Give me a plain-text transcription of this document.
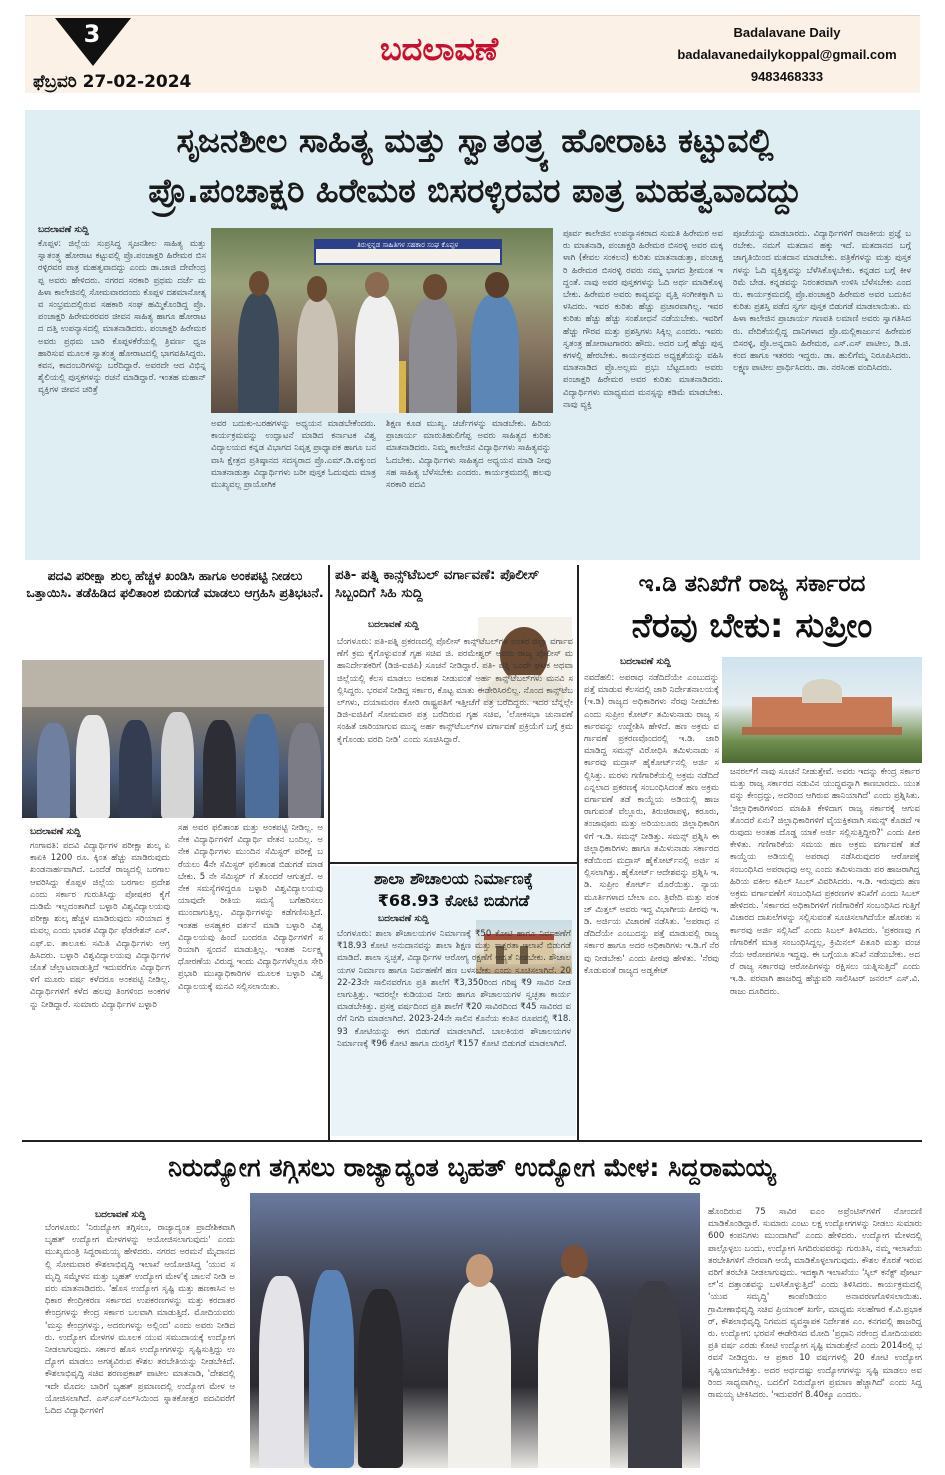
3
ಫೆಬ್ರವರಿ 27-02-2024
ಬದಲಾವಣೆ	Badalavane Daily
badalavanedailykoppal@gmail.com
9483468333
ಸೃಜನಶೀಲ ಸಾಹಿತ್ಯ ಮತ್ತು ಸ್ವಾತಂತ್ರ್ಯ ಹೋರಾಟ ಕಟ್ಟುವಲ್ಲಿ
ಪ್ರೊ.ಪಂಚಾಕ್ಷರಿ ಹಿರೇಮಠ ಬಿಸರಳ್ಳಿರವರ ಪಾತ್ರ ಮಹತ್ವವಾದದ್ದು
ಬದಲಾವಣೆ ಸುದ್ದಿ
ಕೊಪ್ಪಳ: ಜಿಲ್ಲೆಯ ಸುಪ್ರಸಿದ್ಧ ಸೃಜನಶೀಲ ಸಾಹಿತ್ಯ ಮತ್ತು ಸ್ವಾತಂತ್ರ್ಯ ಹೋರಾಟ ಕಟ್ಟುವಲ್ಲಿ ಪ್ರೊ.ಪಂಚಾಕ್ಷರಿ ಹಿರೇಮಠ ಬಿಸರಳ್ಳಿರವರ ಪಾತ್ರ ಮಹತ್ವವಾದದ್ದು ಎಂದು ಡಾ.ಜಾಜಿ ದೇವೇಂದ್ರಪ್ಪ ಅವರು ಹೇಳಿದರು. ನಗರದ ಸರಕಾರಿ ಪ್ರಥಮ ದರ್ಜೆ ಮಹಿಳಾ ಕಾಲೇಜಿನಲ್ಲಿ ಸೋಮವಾರದಂದು ಕೊಪ್ಪಳ ದಶಮಾನೋತ್ಸವ ಸಂಭ್ರಮದಲ್ಲಿರುವ ಸಹಕಾರಿ ಸಂಘ ಹಮ್ಮಿಕೊಂಡಿದ್ದ ಪ್ರೊ.ಪಂಚಾಕ್ಷರಿ ಹಿರೇಮಠರವರ ಜೀವನ ಸಾಹಿತ್ಯ ಹಾಗೂ ಹೋರಾಟದ ದತ್ತಿ ಉಪನ್ಯಾಸದಲ್ಲಿ ಮಾತನಾಡಿದರು. ಪಂಚಾಕ್ಷರಿ ಹಿರೇಮಠ ಅವರು ಪ್ರಥಮ ಬಾರಿ ಕೊಪ್ಪಳಕೆರೆಯಲ್ಲಿ ತ್ರಿವರ್ಣ ಧ್ವಜ ಹಾರಿಸುವ ಮೂಲಕ ಸ್ವಾತಂತ್ರ್ಯ ಹೋರಾಟದಲ್ಲಿ ಭಾಗವಹಿಸಿದ್ದರು. ಕವನ, ಕಾದಂಬರಿಗಳನ್ನು ಬರೆದಿದ್ದಾರೆ. ಅವರದೇ ಆದ ವಿಭಿನ್ನ ಶೈಲಿಯಲ್ಲಿ ಪುಸ್ತಕಗಳನ್ನು ರಚನೆ ಮಾಡಿದ್ದಾರೆ. ಇಂತಹ ಮಹಾನ್ ವ್ಯಕ್ತಿಗಳ ಜೀವನ ಚರಿತ್ರೆ
ತಿರುಳ್ಗನ್ನಡ ಸಾಹಿತಿಗಳ ಸಹಕಾರ ಸಂಘ ಕೊಪ್ಪಳ
ಅವರ ಬದುಕು-ಬರಹಗಳನ್ನು ಅಧ್ಯಯನ ಮಾಡಬೇಕೆಂದರು. ಕಾರ್ಯಕ್ರಮವನ್ನು ಉದ್ಘಾಟನೆ ಮಾಡಿದ ಕರ್ನಾಟಕ ವಿಶ್ವವಿದ್ಯಾಲಯದ ಕನ್ನಡ ವಿಭಾಗದ ನಿವೃತ್ತ ಪ್ರಾಧ್ಯಾಪಕ ಹಾಗೂ ಬನವಾಸಿ ಕ್ಷೇತ್ರದ ಪ್ರತಿಷ್ಠಾನದ ಸದಸ್ಯರಾದ ಪ್ರೊ.ಎಮ್.ಡಿ.ವಕ್ಕುಂದ ಮಾತನಾಡುತ್ತಾ ವಿದ್ಯಾರ್ಥಿಗಳು ಬರೀ ಪುಸ್ತಕ ಓದುವುದು ಮಾತ್ರ ಮುಖ್ಯವಲ್ಲ ಪ್ರಾಯೋಗಿಕ
ಶಿಕ್ಷಣ ಕೂಡ ಮುಖ್ಯ. ಚರ್ಚೆಗಳನ್ನು ಮಾಡಬೇಕು. ಹಿರಿಯ ಪ್ರಾಚಾರ್ಯ ಮಾರುತಿಹುಲಿಗೆಪ್ಪ ಅವರು ಸಾಹಿತ್ಯದ ಕುರಿತು ಮಾತನಾಡಿದರು. ನಿಮ್ಮ ಕಾಲೇಜಿನ ವಿದ್ಯಾರ್ಥಿಗಳು ಸಾಹಿತ್ಯವನ್ನು ಓದಬೇಕು. ವಿದ್ಯಾರ್ಥಿಗಳು ಸಾಹಿತ್ಯದ ಅಧ್ಯಯನ ಮಾಡಿ ನೀವು ಸಹ ಸಾಹಿತ್ಯ ಬೆಳೆಸಬೇಕು ಎಂದರು. ಕಾರ್ಯಕ್ರಮದಲ್ಲಿ ಹಲವು ಸರಕಾರಿ ಪದವಿ
ಪೂರ್ವ ಕಾಲೇಜಿನ ಉಪನ್ಯಾಸಕರಾದ ಸುಮತಿ ಹಿರೇಮಠ ಅವರು ಮಾತನಾಡಿ, ಪಂಚಾಕ್ಷರಿ ಹಿರೇಮಠ ಬಿಸರಳ್ಳಿ ಅವರ ಮಕ್ಕಳಾಗಿ (ಕೇವಲ ಸಂಕಲನ) ಕುರಿತು ಮಾತನಾಡುತ್ತಾ, ಪಂಚಾಕ್ಷರಿ ಹಿರೇಮಠ ಬಿಸರಳ್ಳಿ ರವರು ನಮ್ಮ ಭಾಗದ ಶ್ರೀಮಂತ ಇದ್ದಂತೆ. ನಾವು ಅವರ ಪುಸ್ತಕಗಳನ್ನು ಓದಿ ಅರ್ಥ ಮಾಡಿಕೊಳ್ಳಬೇಕು. ಹಿರೇಮಠ ಅವರು ಕಾವ್ಯವನ್ನು ವೃತ್ತಿ ಸಂಗೀತಕ್ಕಾಗಿ ಬಳಸಿದರು. ಇವರ ಕುರಿತು ಹೆಚ್ಚು ಪ್ರಚಾರವಾಗಿಲ್ಲ. ಇವರ ಕುರಿತು ಹೆಚ್ಚು ಹೆಚ್ಚು ಸಂಶೋಧನೆ ನಡೆಯಬೇಕು. ಇವರಿಗೆ ಹೆಚ್ಚು ಗೌರವ ಮತ್ತು ಪ್ರಶಸ್ತಿಗಳು ಸಿಕ್ಕಿಲ್ಲ ಎಂದರು. ಇವರು ಸ್ವತಂತ್ರ ಹೋರಾಟಗಾರರು ಹೌದು. ಅದರ ಬಗ್ಗೆ ಹೆಚ್ಚು ಪುಸ್ತಕಗಳಲ್ಲಿ ಹೇರಬೇಕು. ಕಾರ್ಯಕ್ರಮದ ಅಧ್ಯಕ್ಷತೆಯನ್ನು ವಹಿಸಿ ಮಾತನಾಡಿದ ಪ್ರೊ.ಅಲ್ಲಮ ಪ್ರಭು ಬೆಟ್ಟದೂರು ಅವರು ಪಂಚಾಕ್ಷರಿ ಹಿರೇಮಠ ಅವರ ಕುರಿತು ಮಾತನಾಡಿದರು. ವಿದ್ಯಾರ್ಥಿಗಳು ಮಾಧ್ಯಮದ ಮನಸ್ಸನ್ನು ಕಡಿಮೆ ಮಾಡಬೇಕು. ನಾವು ವ್ಯಕ್ತಿ
ಪೂಜೆಯನ್ನು ಮಾಡಬಾರದು. ವಿದ್ಯಾರ್ಥಿಗಳಿಗೆ ರಾಜಕೀಯ ಪ್ರಜ್ಞೆ ಬರಬೇಕು. ನಮಗೆ ಮತದಾನ ಹಕ್ಕು ಇದೆ. ಮತದಾನದ ಬಗ್ಗೆ ಜಾಗೃತಿಯಿಂದ ಮತದಾನ ಮಾಡಬೇಕು. ಪತ್ರಿಕೆಗಳನ್ನು ಮತ್ತು ಪುಸ್ತಕಗಳನ್ನು ಓದಿ ವ್ಯಕ್ತಿತ್ವವನ್ನು ಬೆಳೆಸಿಕೊಳ್ಳಬೇಕು. ಕನ್ನಡದ ಬಗ್ಗೆ ಕೀಳರಿಮೆ ಬೇಡ. ಕನ್ನಡವನ್ನು ನಿರಂತರವಾಗಿ ಉಳಿಸಿ ಬೆಳೆಸಬೇಕು ಎಂದರು. ಕಾರ್ಯಕ್ರಮದಲ್ಲಿ ಪ್ರೊ.ಪಂಚಾಕ್ಷರಿ ಹಿರೇಮಠ ಅವರ ಬದುಕಿನ ಕುರಿತು ಪ್ರಶಸ್ತಿ ಪಡೆದ ಸ್ವರ್ಗ ಪುಸ್ತಕ ಬಿಡುಗಡೆ ಮಾಡಲಾಯಿತು. ಮಹಿಳಾ ಕಾಲೇಜಿನ ಪ್ರಾಚಾರ್ಯ ಗಣಪತಿ ಲಮಾಣಿ ಅವರು ಸ್ವಾಗತಿಸಿದರು. ವೇದಿಕೆಯಲ್ಲಿದ್ದ ದಾನಿಗಳಾದ ಪ್ರೊ.ಮಲ್ಲಿಕಾರ್ಜುನ ಹಿರೇಮಠ ಬಿಸರಳ್ಳಿ, ಪ್ರೊ.ಅನ್ನದಾನಿ ಹಿರೇಮಠ, ಎಸ್.ಎಸ್ ಪಾಟೀಲ, ಡಿ.ಜಿ. ಕಂದ ಹಾಗೂ ಇತರರು ಇದ್ದರು. ಡಾ. ಹುಲಿಗೆಮ್ಮ ನಿರೂಪಿಸಿದರು. ಲಕ್ಷ್ಮಣ ಪಾಟೀಲ ಪ್ರಾರ್ಥಿಸಿದರು. ಡಾ. ನರಸಿಂಹ ವಂದಿಸಿದರು.
ಪದವಿ ಪರೀಕ್ಷಾ ಶುಲ್ಕ ಹೆಚ್ಚಳ ಖಂಡಿಸಿ ಹಾಗೂ ಅಂಕಪಟ್ಟಿ ನೀಡಲು ಒತ್ತಾಯಿಸಿ. ತಡೆಹಿಡಿದ ಫಲಿತಾಂಶ ಬಿಡುಗಡೆ ಮಾಡಲು ಆಗ್ರಹಿಸಿ ಪ್ರತಿಭಟನೆ.
ಬದಲಾವಣೆ ಸುದ್ದಿ
ಗಂಗಾವತಿ: ಪದವಿ ವಿದ್ಯಾರ್ಥಿಗಳ ಪರೀಕ್ಷಾ ಶುಲ್ಕ ಏಕಾಏಕಿ 1200 ರೂ. ಕ್ಕಿಂತ ಹೆಚ್ಚು ಮಾಡಿರುವುದು ಖಂಡನಾರ್ಹವಾಗಿದೆ. ಒಂದೆಡೆ ರಾಜ್ಯದಲ್ಲಿ ಬರಗಾಲ ಆವರಿಸಿದ್ದು ಕೊಪ್ಪಳ ಜಿಲ್ಲೆಯ ಬರಗಾಲ ಪ್ರದೇಶ ಎಂದು ಸರ್ಕಾರ ಗುರುತಿಸಿದ್ದು ಪೋಷಕರ ಕೈಗೆ ದುಡಿಮೆ ಇಲ್ಲದಂತಾಗಿದೆ ಬಳ್ಳಾರಿ ವಿಶ್ವವಿದ್ಯಾಲಯವು ಪರೀಕ್ಷಾ ಶುಲ್ಕ ಹೆಚ್ಚಳ ಮಾಡಿರುವುದು ಸರಿಯಾದ ಕ್ರಮವಲ್ಲ ಎಂದು ಭಾರತ ವಿದ್ಯಾರ್ಥಿ ಫೆಡರೇಶನ್ ಎಸ್.ಎಫ್.ಐ. ತಾಲೂಕು ಸಮಿತಿ ವಿದ್ಯಾರ್ಥಿಗಳು ಆಗ್ರಹಿಸಿದರು. ಬಳ್ಳಾರಿ ವಿಶ್ವವಿದ್ಯಾಲಯವು ವಿದ್ಯಾರ್ಥಿಗಳ ಜೊತೆ ಚೆಲ್ಲಾಟವಾಡುತ್ತಿದೆ ಇದುವರೆಗೂ ವಿದ್ಯಾರ್ಥಿಗಳಿಗೆ ಮೂರು ವರ್ಷ ಕಳೆದರೂ ಅಂಕಪಟ್ಟಿ ನೀಡಿಲ್ಲ. ವಿದ್ಯಾರ್ಥಿಗಳಿಗೆ ಕಳೆದ ಹಲವು ತಿಂಗಳಿಂದ ಅಂಕಗಳನ್ನು ನೀಡಿದ್ದಾರೆ. ಸುಮಾರು ವಿದ್ಯಾರ್ಥಿಗಳ ಬಳ್ಳಾರಿ
ಸಹ ಅವರ ಫಲಿತಾಂಶ ಮತ್ತು ಅಂಕಪಟ್ಟಿ ನೀಡಿಲ್ಲ. ಅನೇಕ ವಿದ್ಯಾರ್ಥಿಗಳಿಗೆ ವಿದ್ಯಾರ್ಥಿ ವೇತನ ಬಂದಿಲ್ಲ. ಅನೇಕ ವಿದ್ಯಾರ್ಥಿಗಳು ಮುಂದಿನ ಸೆಮಿಸ್ಟರ್ ಪರೀಕ್ಷೆ ಬರೆಯಲು 4ನೇ ಸೆಮಿಸ್ಟರ್ ಫಲಿತಾಂಶ ಬಿಡುಗಡೆ ಮಾಡಬೇಕು. 5 ನೇ ಸೆಮಿಸ್ಟರ್ ಗೆ ತೊಂದರೆ ಆಗುತ್ತದೆ. ಅನೇಕ ಸಮಸ್ಯೆಗಳಿದ್ದರೂ ಬಳ್ಳಾರಿ ವಿಶ್ವವಿದ್ಯಾಲಯವು ಯಾವುದೇ ರೀತಿಯ ಸಮಸ್ಯೆ ಬಗೆಹರಿಸಲು ಮುಂದಾಗುತ್ತಿಲ್ಲ. ವಿದ್ಯಾರ್ಥಿಗಳನ್ನು ಕಡೆಗಣಿಸುತ್ತಿದೆ. ಇಂತಹ ಅಸಹ್ಯಕರ ವರ್ತನೆ ಮಾಡಿ ಬಳ್ಳಾರಿ ವಿಶ್ವವಿದ್ಯಾಲಯವು ಹಿಂದೆ ಬಂದರೂ ವಿದ್ಯಾರ್ಥಿಗಳಿಗೆ ಸರಿಯಾಗಿ ಸ್ಪಂದನೆ ಮಾಡುತ್ತಿಲ್ಲ. ಇಂತಹ ನಿರ್ಲಕ್ಷ್ಯ ಧೋರಣೆಯ ವಿರುದ್ಧ ಇಂದು ವಿದ್ಯಾರ್ಥಿಗಳೆಲ್ಲರೂ ಸೇರಿ ಪ್ರಭಾರಿ ಮುಖ್ಯಾಧಿಕಾರಿಗಳ ಮೂಲಕ ಬಳ್ಳಾರಿ ವಿಶ್ವವಿದ್ಯಾಲಯಕ್ಕೆ ಮನವಿ ಸಲ್ಲಿಸಲಾಯಿತು.
ಪತಿ- ಪತ್ನಿ ಕಾನ್ಸ್‌ಟೆಬಲ್ ವರ್ಗಾವಣೆ: ಪೊಲೀಸ್ ಸಿಬ್ಬಂದಿಗೆ ಸಿಹಿ ಸುದ್ದಿ
ಬದಲಾವಣೆ ಸುದ್ದಿ
ಬೆಂಗಳೂರು: ಪತಿ-ಪತ್ನಿ ಪ್ರಕರಣದಲ್ಲಿ ಪೊಲೀಸ್ ಕಾನ್ಸ್‌ಟೆಬಲ್‌ಗಳ ಅಂತರ ಜಿಲ್ಲಾ ವರ್ಗಾವಣೆಗೆ ಕ್ರಮ ಕೈಗೊಳ್ಳುವಂತೆ ಗೃಹ ಸಚಿವ ಜಿ. ಪರಮೇಶ್ವರ್ ಅವರು ರಾಜ್ಯ ಪೊಲೀಸ್ ಮಹಾನಿರ್ದೇಶಕರಿಗೆ (ಡಿಜಿ-ಐಜಿಪಿ) ಸೂಚನೆ ನೀಡಿದ್ದಾರೆ. ಪತಿ- ಪತ್ನಿ ಒಂದೇ ಘಟಕ ಅಥವಾ ಜಿಲ್ಲೆಯಲ್ಲಿ ಕೆಲಸ ಮಾಡಲು ಅವಕಾಶ ನೀಡುವಂತೆ ಅರ್ಹ ಕಾನ್ಸ್‌ಟೆಬಲ್‌ಗಳು ಮನವಿ ಸಲ್ಲಿಸಿದ್ದರು. ಭರವಸೆ ನೀಡಿದ್ದ ಸರ್ಕಾರ, ಕೊಟ್ಟ ಮಾತು ಈಡೇರಿಸಿರಲಿಲ್ಲ. ನೊಂದ ಕಾನ್ಸ್‌ಟೆಬಲ್‌ಗಳು, ದಯಾಮರಣ ಕೋರಿ ರಾಷ್ಟ್ರಪತಿಗೆ ಇತ್ತೀಚೆಗೆ ಪತ್ರ ಬರೆದಿದ್ದರು. ಇದರ ಬೆನ್ನಲ್ಲೇ ಡಿಜಿ-ಐಜಿಪಿಗೆ ಸೋಮವಾರ ಪತ್ರ ಬರೆದಿರುವ ಗೃಹ ಸಚಿವ, 'ಲೋಕಸಭಾ ಚುನಾವಣೆ ಸಂಹಿತೆ ಜಾರಿಯಾಗುವ ಮುನ್ನ ಅರ್ಹ ಕಾನ್ಸ್‌ಟೆಬಲ್‌ಗಳ ವರ್ಗಾವಣೆ ಪ್ರಕ್ರಿಯೆಗೆ ಬಗ್ಗೆ ಕ್ರಮ ಕೈಗೊಂಡು ವರದಿ ನೀಡಿ' ಎಂದು ಸೂಚಿಸಿದ್ದಾರೆ.
ಶಾಲಾ ಶೌಚಾಲಯ ನಿರ್ಮಾಣಕ್ಕೆ
₹68.93 ಕೋಟಿ ಬಿಡುಗಡೆ
ಬದಲಾವಣೆ ಸುದ್ದಿ
ಬೆಂಗಳೂರು: ಶಾಲಾ ಶೌಚಾಲಯಗಳ ನಿರ್ಮಾಣಕ್ಕೆ ₹50 ಕೋಟಿ ಹಾಗೂ ನಿರ್ವಹಣೆಗೆ ₹18.93 ಕೋಟಿ ಅನುದಾನವನ್ನು ಶಾಲಾ ಶಿಕ್ಷಣ ಮತ್ತು ಸಾಕ್ಷರತಾ ಇಲಾಖೆ ಬಿಡುಗಡೆ ಮಾಡಿದೆ. ಶಾಲಾ ಸ್ವಚ್ಛತೆ, ವಿದ್ಯಾರ್ಥಿಗಳ ಆರೋಗ್ಯ ರಕ್ಷಣೆಗೆ ಆದ್ಯತೆ ನೀಡಬೇಕು. ಶೌಚಾಲಯಗಳ ನಿರ್ಮಾಣ ಹಾಗೂ ನಿರ್ವಹಣೆಗೆ ಹಣ ಬಳಸಬೇಕು ಎಂದು ಸೂಚಿಸಲಾಗಿದೆ. 2022-23ನೇ ಸಾಲಿನವರೆಗೂ ಪ್ರತಿ ಶಾಲೆಗೆ ₹3,350ರಿಂದ ಗರಿಷ್ಠ ₹9 ಸಾವಿರ ನೀಡಲಾಗುತ್ತಿತ್ತು. ಇದರಲ್ಲೇ ಕುಡಿಯುವ ನೀರು ಹಾಗೂ ಶೌಚಾಲಯಗಳ ಸ್ವಚ್ಛತಾ ಕಾರ್ಯ ಮಾಡಬೇಕಿತ್ತು. ಪ್ರಸಕ್ತ ವರ್ಷದಿಂದ ಪ್ರತಿ ಶಾಲೆಗೆ ₹20 ಸಾವಿರದಿಂದ ₹45 ಸಾವಿರದ ವರೆಗೆ ನಿಗದಿ ಮಾಡಲಾಗಿದೆ. 2023-24ನೇ ಸಾಲಿನ ಕೊನೆಯ ಕಂತಿನ ರೂಪದಲ್ಲಿ ₹18.93 ಕೋಟಿಯನ್ನು ಈಗ ಬಿಡುಗಡೆ ಮಾಡಲಾಗಿದೆ. ಬಾಲಕಿಯರ ಶೌಚಾಲಯಗಳ ನಿರ್ಮಾಣಕ್ಕೆ ₹96 ಕೋಟಿ ಹಾಗೂ ದುರಸ್ತಿಗೆ ₹157 ಕೋಟಿ ಬಿಡುಗಡೆ ಮಾಡಲಾಗಿದೆ.
ಇ.ಡಿ ತನಿಖೆಗೆ ರಾಜ್ಯ ಸರ್ಕಾರದ
ನೆರವು ಬೇಕು: ಸುಪ್ರೀಂ
ಬದಲಾವಣೆ ಸುದ್ದಿ
ನವದೆಹಲಿ: ಅಪರಾಧ ನಡೆದಿದೆಯೇ ಎಂಬುದನ್ನು ಪತ್ತೆ ಮಾಡುವ ಕೆಲಸದಲ್ಲಿ ಜಾರಿ ನಿರ್ದೇಶನಾಲಯಕ್ಕೆ (ಇ.ಡಿ) ರಾಜ್ಯದ ಅಧಿಕಾರಿಗಳು ನೆರವು ನೀಡಬೇಕು ಎಂದು ಸುಪ್ರೀಂ ಕೋರ್ಟ್ ತಮಿಳುನಾಡು ರಾಜ್ಯ ಸರ್ಕಾರವನ್ನು ಉದ್ದೇಶಿಸಿ ಹೇಳಿದೆ. ಹಣ ಅಕ್ರಮ ವರ್ಗಾವಣೆ ಪ್ರಕರಣವೊಂದರಲ್ಲಿ ಇ.ಡಿ. ಜಾರಿ ಮಾಡಿದ್ದ ಸಮನ್ಸ್ ವಿರೋಧಿಸಿ ತಮಿಳುನಾಡು ಸರ್ಕಾರವು ಮದ್ರಾಸ್ ಹೈಕೋರ್ಟ್‌ನಲ್ಲಿ ಅರ್ಜಿ ಸಲ್ಲಿಸಿತ್ತು. ಮರಳು ಗಣಿಗಾರಿಕೆಯಲ್ಲಿ ಅಕ್ರಮ ನಡೆದಿದೆ ಎನ್ನಲಾದ ಪ್ರಕರಣಕ್ಕೆ ಸಂಬಂಧಿಸಿದಂತೆ ಹಣ ಅಕ್ರಮ ವರ್ಗಾವಣೆ ತಡೆ ಕಾಯ್ದೆಯ ಅಡಿಯಲ್ಲಿ ಹಾಜರಾಗುವಂತೆ ವೆಲ್ಲೂರು, ತಿರುಚಿರಾಪಳ್ಳಿ, ಕರೂರು, ತಂಜಾವೂರು ಮತ್ತು ಅರಿಯಲೂರು ಜಿಲ್ಲಾಧಿಕಾರಿಗಳಿಗೆ ಇ.ಡಿ. ಸಮನ್ಸ್ ನೀಡಿತ್ತು. ಸಮನ್ಸ್ ಪ್ರಶ್ನಿಸಿ ಈ ಜಿಲ್ಲಾಧಿಕಾರಿಗಳು ಹಾಗೂ ತಮಿಳುನಾಡು ಸರ್ಕಾರದ ಕಡೆಯಿಂದ ಮದ್ರಾಸ್ ಹೈಕೋರ್ಟ್‌ನಲ್ಲಿ ಅರ್ಜಿ ಸಲ್ಲಿಸಲಾಗಿತ್ತು. ಹೈಕೋರ್ಟ್ ಆದೇಶವನ್ನು ಪ್ರಶ್ನಿಸಿ ಇ.ಡಿ. ಸುಪ್ರೀಂ ಕೋರ್ಟ್ ಮೊರೆಯಿತ್ತು. ನ್ಯಾಯಮೂರ್ತಿಗಳಾದ ಬೇಲಾ ಎಂ. ತ್ರಿವೇದಿ ಮತ್ತು ಪಂಕಜ್ ಮಿತ್ತಲ್ ಅವರು ಇದ್ದ ವಿಭಾಗೀಯ ಪೀಠವು ಇ.ಡಿ. ಅರ್ಜಿಯ ವಿಚಾರಣೆ ನಡೆಸಿತು. 'ಅಪರಾಧ ನಡೆದಿದೆಯೇ ಎಂಬುದನ್ನು ಪತ್ತೆ ಮಾಡುವಲ್ಲಿ ರಾಜ್ಯ ಸರ್ಕಾರ ಹಾಗೂ ಅದರ ಅಧಿಕಾರಿಗಳು ಇ.ಡಿ.ಗೆ ನೆರವು ನೀಡಬೇಕು' ಎಂದು ಪೀಠವು ಹೇಳಿತು. 'ನೆರವು ಕೊಡುವಂತೆ ರಾಜ್ಯದ ಅಡ್ವಕೇಟ್
ಜನರಲ್‌ಗೆ ನಾವು ಸೂಚನೆ ನೀಡುತ್ತೇವೆ. ಅವರು ಇದನ್ನು ಕೇಂದ್ರ ಸರ್ಕಾರ ಮತ್ತು ರಾಜ್ಯ ಸರ್ಕಾರದ ನಡುವಿನ ಯುದ್ಧವನ್ನಾಗಿ ಕಾಣಬಾರದು. ಯುತವನ್ನು ಕೇಂದ್ರದ್ದು, ಅದರಿಂದ ಆಗಿರುವ ಹಾನಿಯಾಗಿದೆ' ಎಂದು ಪ್ರಶ್ನಿಸಿತು. 'ಜಿಲ್ಲಾಧಿಕಾರಿಗಳಿಂದ ಮಾಹಿತಿ ಕೇಳಿದಾಗ ರಾಜ್ಯ ಸರ್ಕಾರಕ್ಕೆ ಆಗುವ ತೊಂದರೆ ಏನು? ಜಿಲ್ಲಾಧಿಕಾರಿಗಳಿಗೆ ವೈಯಕ್ತಿಕವಾಗಿ ಸಮನ್ಸ್ ಕೊಡದೆ ಇರುವುದು ಅಂತಹ ದೊಡ್ಡ ಯಾಕೆ ಅರ್ಜಿ ಸಲ್ಲಿಸುತ್ತಿದ್ದೀರಿ?' ಎಂದು ಪೀಠ ಕೇಳಿತು. ಗಣಿಗಾರಿಕೆಯ ಸಮಯ ಹಣ ಅಕ್ರಮ ವರ್ಗಾವಣೆ ತಡೆ ಕಾಯ್ದೆಯ ಅಡಿಯಲ್ಲಿ ಅಪರಾಧ ನಡೆಸಿರುವುದರ ಆರೋಪಕ್ಕೆ ಸಂಬಂಧಿಸಿದ ಅಪರಾಧವು ಅಲ್ಲ ಎಂದು ತಮಿಳುನಾಡು ಪರ ಹಾಜರಾಗಿದ್ದ ಹಿರಿಯ ವಕೀಲ ಕಪಿಲ್ ಸಿಬಲ್ ವಿವರಿಸಿದರು. ಇ.ಡಿ. ಇರುವುದು ಹಣ ಅಕ್ರಮ ವರ್ಗಾವಣೆಗೆ ಸಂಬಂಧಿಸಿದ ಪ್ರಕರಣಗಳ ತನಿಖೆಗೆ ಎಂದು ಸಿಬಲ್ ಹೇಳಿದರು. 'ಸರ್ಕಾರದ ಅಧಿಕಾರಿಗಳಿಗೆ ಗಣಿಗಾರಿಕೆಗೆ ಸಂಬಂಧಿಸಿದ ಗುತ್ತಿಗೆ ವಿಚಾರದ ದಾಖಲೆಗಳನ್ನು ಸಲ್ಲಿಸುವಂತೆ ಸೂಚಿಸಲಾಗಿದೆಯೇ ಹೊರತು ಸರ್ಕಾರವು ಅರ್ಜಿ ಸಲ್ಲಿಸಿದೆ' ಎಂದು ಸಿಬಲ್ ತಿಳಿಸಿದರು. 'ಪ್ರಕರಣವು ಗಣಿಗಾರಿಕೆಗೆ ಮಾತ್ರ ಸಂಬಂಧಿಸಿದ್ದಲ್ಲ, ಕ್ರಿಮಿನಲ್ ಪಿತೂರಿ ಮತ್ತು ವಂಚನೆಯ ಆರೋಪಗಳೂ ಇದ್ದವು. ಈ ಬಗ್ಗೆಯೂ ತನಿಖೆ ನಡೆಯಬೇಕು. ಅದರೆ ರಾಜ್ಯ ಸರ್ಕಾರವು ಆರೋಪಿಗಳನ್ನು ರಕ್ಷಿಸಲು ಯತ್ನಿಸುತ್ತಿದೆ' ಎಂದು ಇ.ಡಿ. ಪರವಾಗಿ ಹಾಜರಿದ್ದ ಹೆಚ್ಚುವರಿ ಸಾಲಿಸಿಟರ್ ಜನರಲ್ ಎಸ್.ವಿ. ರಾಜು ದೂರಿದರು.
ನಿರುದ್ಯೋಗ ತಗ್ಗಿಸಲು ರಾಜ್ಯಾದ್ಯಂತ ಬೃಹತ್ ಉದ್ಯೋಗ ಮೇಳ: ಸಿದ್ದರಾಮಯ್ಯ
ಬದಲಾವಣೆ ಸುದ್ದಿ
ಬೆಂಗಳೂರು: 'ನಿರುದ್ಯೋಗ ತಗ್ಗಿಸಲು, ರಾಜ್ಯಾದ್ಯಂತ ಪ್ರಾದೇಶಿಕವಾಗಿ ಬೃಹತ್ ಉದ್ಯೋಗ ಮೇಳಗಳನ್ನು ಆಯೋಜಿಸಲಾಗುವುದು' ಎಂದು ಮುಖ್ಯಮಂತ್ರಿ ಸಿದ್ದರಾಮಯ್ಯ ಹೇಳಿದರು. ನಗರದ ಅರಮನೆ ಮೈದಾನದಲ್ಲಿ ಸೋಮವಾರ ಕೌಶಲಾಭಿವೃದ್ಧಿ ಇಲಾಖೆ ಆಯೋಜಿಸಿದ್ದ 'ಯುವ ಸಮೃದ್ಧಿ ಸಮ್ಮೇಳನ ಮತ್ತು ಬೃಹತ್ ಉದ್ಯೋಗ ಮೇಳ'ಕ್ಕೆ ಚಾಲನೆ ನೀಡಿ ಅವರು ಮಾತನಾಡಿದರು. 'ಹೊಸ ಉದ್ಯೋಗ ಸೃಷ್ಟಿ ಮತ್ತು ಹಣಕಾಸಿನ ಅಧಿಕಾರ ಕೇಂದ್ರೀಕರಣ ಸರ್ಕಾರದ ಉಪಕರಣಗಳನ್ನು ಮತ್ತು ಕರದಾತರ ಕೇಂದ್ರಗಳನ್ನು ಕೇಂದ್ರ ಸರ್ಕಾರ ಬಲವಾಗಿ ಮಾಡುತ್ತಿದೆ. ಮೋದಿಯವರು 'ಮಸ್ತು ಕೇಂದ್ರಗಳನ್ನು, ಅದರುಗಳನ್ನು ಅಲ್ಲಿಂದ' ಎಂದು ಅವರು ನೀಡಿದರು. ಉದ್ಯೋಗ ಮೇಳಗಳ ಮೂಲಕ ಯುವ ಸಮುದಾಯಕ್ಕೆ ಉದ್ಯೋಗ ನೀಡಲಾಗುವುದು. ಸರ್ಕಾರ ಹೊಸ ಉದ್ಯೋಗಗಳನ್ನು ಸೃಷ್ಟಿಸುತ್ತಿದ್ದು ಉದ್ಯೋಗ ಮಾಡಲು ಅಗತ್ಯವಿರುವ ಕೌಶಲ ತರಬೇತಿಯನ್ನು ನೀಡಬೇಕಿದೆ. ಕೌಶಲಾಭಿವೃದ್ಧಿ ಸಚಿವ ಶರಣಪ್ರಕಾಶ್ ಪಾಟೀಲ ಮಾತನಾಡಿ, 'ದೇಶದಲ್ಲಿ ಇದೇ ಮೊದಲ ಬಾರಿಗೆ ಬೃಹತ್ ಪ್ರಮಾಣದಲ್ಲಿ ಉದ್ಯೋಗ ಮೇಳ ಆಯೋಜಿಸಲಾಗಿದೆ. ಎಸ್ಎಸ್ಎಲ್‌ಸಿಯಿಂದ ಸ್ನಾತಕೋತ್ತರ ಪದವಿವರೆಗೆ ಓದಿದ ವಿದ್ಯಾರ್ಥಿಗಳಿಗೆ
ಹೊಂದಿರುವ 75 ಸಾವಿರ ಐಎಂ ಅಪ್ರೆಂಟಿಸ್‌ಗಳಿಗೆ ನೋಂದಣಿ ಮಾಡಿಕೊಂಡಿದ್ದಾರೆ. ಸುಮಾರು ಎಂಟು ಲಕ್ಷ ಉದ್ಯೋಗಗಳನ್ನು ನೀಡಲು ಸುಮಾರು 600 ಕಂಪನಿಗಳು ಮುಂದಾಗಿವೆ' ಎಂದು ಹೇಳಿದರು. ಉದ್ಯೋಗ ಮೇಳದಲ್ಲಿ ಪಾಲ್ಗೊಳ್ಳಲು ಬಂದು, ಉದ್ಯೋಗ ಸಿಗದಿರುವವರನ್ನು ಗುರುತಿಸಿ, ನಮ್ಮ ಇಲಾಖೆಯ ತರಬೇತಿಗಳಿಗೆ ನೇರವಾಗಿ ಆಯ್ಕೆ ಮಾಡಿಕೊಳ್ಳಲಾಗುವುದು. ಕೌಶಲ ಕೊರತೆ ಇರುವವರಿಗೆ ತರಬೇತಿ ನೀಡಲಾಗುವುದು. ಇದಕ್ಕಾಗಿ ಇಲಾಖೆಯು 'ಸ್ಕಿಲ್ ಕನೆಕ್ಟ್ ಪೋರ್ಟಲ್'ನ ದತ್ತಾಂಶವನ್ನು ಬಳಸಿಕೊಳ್ಳುತ್ತಿದೆ' ಎಂದು ತಿಳಿಸಿದರು. ಕಾರ್ಯಕ್ರಮದಲ್ಲಿ 'ಯುವ ಸಮೃದ್ಧಿ' ಕಾಂಪೆಂಡಿಯಂ ಅನಾವರಣಗೊಳಿಸಲಾಯಿತು. ಗ್ರಾಮೀಣಾಭಿವೃದ್ಧಿ ಸಚಿವ ಪ್ರಿಯಾಂಕ್ ಖರ್ಗೆ, ಮಾಧ್ಯಮ ಸಲಹೆಗಾರ ಕೆ.ವಿ.ಪ್ರಭಾಕರ್, ಕೌಶಲಾಭಿವೃದ್ಧಿ ನಿಗಮದ ವ್ಯವಸ್ಥಾಪಕ ನಿರ್ದೇಶಕ ಎಂ. ಕನಗವಲ್ಲಿ ಹಾಜರಿದ್ದರು. ಉದ್ಯೋಗ: ಭರವಸೆ ಈಡೇರಿಸದ ಮೋದಿ 'ಪ್ರಧಾನಿ ನರೇಂದ್ರ ಮೋದಿಯವರು ಪ್ರತಿ ವರ್ಷ ಎರಡು ಕೋಟಿ ಉದ್ಯೋಗ ಸೃಷ್ಟಿ ಮಾಡುತ್ತೇನೆ ಎಂದು 2014ರಲ್ಲಿ ಭರವಸೆ ನೀಡಿದ್ದರು. ಆ ಪ್ರಕಾರ 10 ವರ್ಷಗಳಲ್ಲಿ 20 ಕೋಟಿ ಉದ್ಯೋಗ ಸೃಷ್ಟಿಯಾಗಬೇಕಿತ್ತು. ಅದರ ಅರ್ಧದಷ್ಟು ಉದ್ಯೋಗಗಳನ್ನು ಸೃಷ್ಟಿ ಮಾಡಲು ಅವರಿಂದ ಸಾಧ್ಯವಾಗಿಲ್ಲ. ಬದಲಿಗೆ ನಿರುದ್ಯೋಗ ಪ್ರಮಾಣ ಹೆಚ್ಚಾಗಿದೆ' ಎಂದು ಸಿದ್ದರಾಮಯ್ಯ ಟೀಕಿಸಿದರು. 'ಇದುವರೆಗೆ 8.40ಕ್ಕೂ ಎಂದರು.
